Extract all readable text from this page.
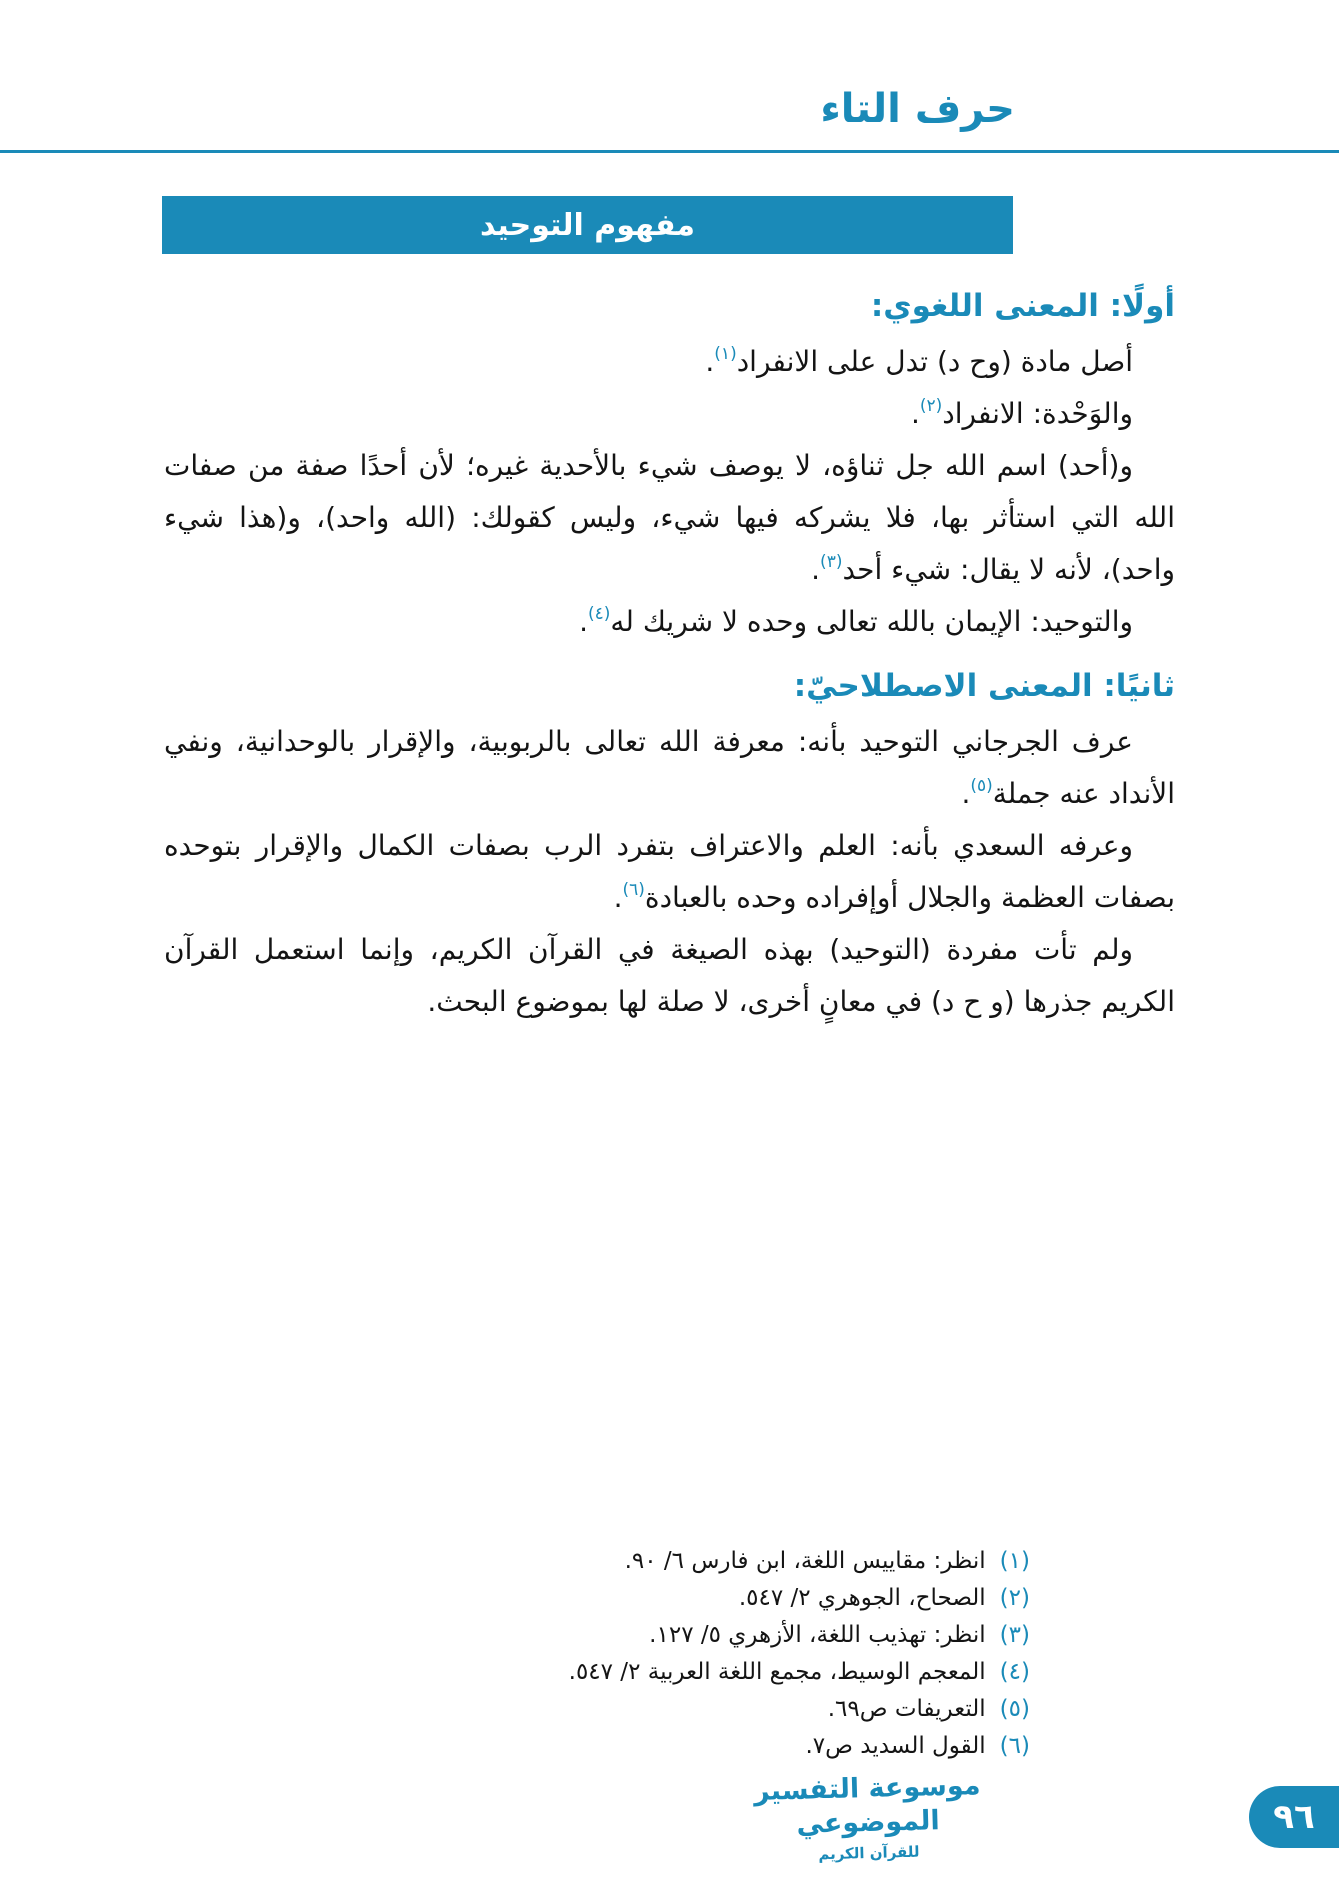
حرف التاء
مفهوم التوحيد

أولًا: المعنى اللغوي:

أصل مادة (وح د) تدل على الانفراد$^{(١)}$.

والوَحْدة: الانفراد$^{(٢)}$.

و(أحد) اسم الله جل ثناؤه، لا يوصف شيء بالأحدية غيره؛ لأن أحدًا صفة من صفات الله التي استأثر بها، فلا يشركه فيها شيء، وليس كقولك: (الله واحد)، و(هذا شيء واحد)، لأنه لا يقال: شيء أحد$^{(٣)}$.

والتوحيد: الإيمان بالله تعالى وحده لا شريك له$^{(٤)}$.

ثانيًا: المعنى الاصطلاحيّ:

عرف الجرجاني التوحيد بأنه: معرفة الله تعالى بالربوبية، والإقرار بالوحدانية، ونفي الأنداد عنه جملة$^{(٥)}$.

وعرفه السعدي بأنه: العلم والاعتراف بتفرد الرب بصفات الكمال والإقرار بتوحده بصفات العظمة والجلال أوإفراده وحده بالعبادة$^{(٦)}$.

ولم تأت مفردة (التوحيد) بهذه الصيغة في القرآن الكريم، وإنما استعمل القرآن الكريم جذرها (و ح د) في معانٍ أخرى، لا صلة لها بموضوع البحث.

(١)انظر: مقاييس اللغة، ابن فارس ٦/ ٩٠.
(٢)الصحاح، الجوهري ٢/ ٥٤٧.
(٣)انظر: تهذيب اللغة، الأزهري ٥/ ١٢٧.
(٤)المعجم الوسيط، مجمع اللغة العربية ٢/ ٥٤٧.
(٥)التعريفات ص٦٩.
(٦)القول السديد ص٧.
موسوعة التفسير الموضوعي
للقرآن الكريم
٩٦
